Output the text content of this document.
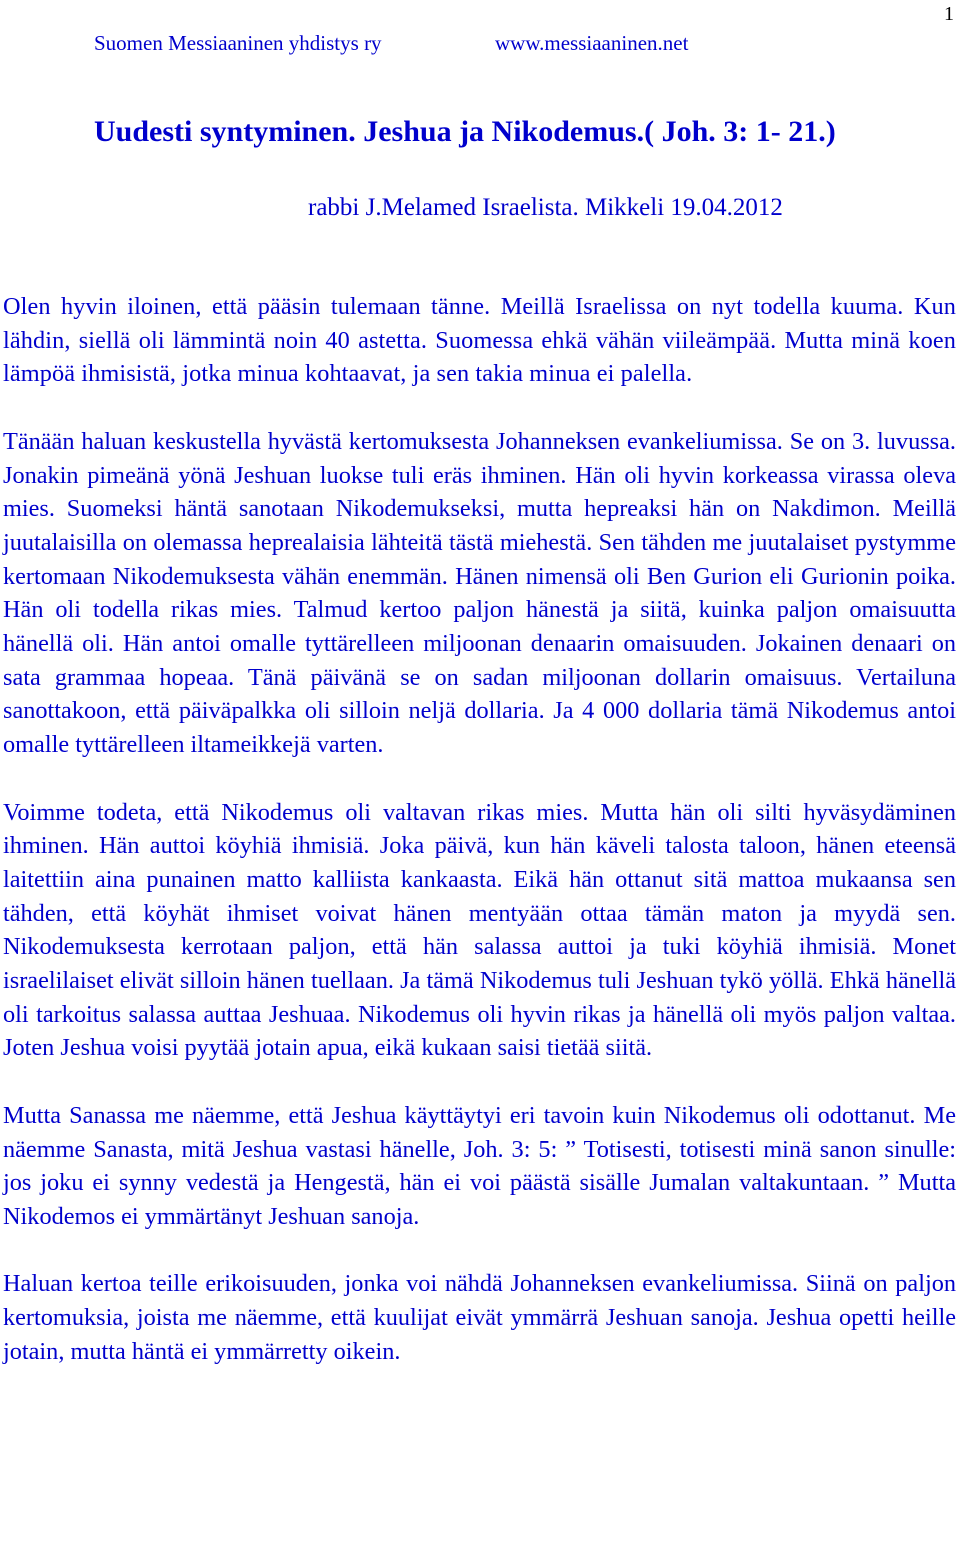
1
Suomen Messiaaninen yhdistys ry	www.messiaaninen.net
Uudesti syntyminen. Jeshua ja Nikodemus.( Joh. 3: 1- 21.)
rabbi J.Melamed Israelista. Mikkeli 19.04.2012

Olen hyvin iloinen, että pääsin tulemaan tänne. Meillä Israelissa on nyt todella kuuma. Kun lähdin, siellä oli lämmintä noin 40 astetta. Suomessa ehkä vähän viileämpää. Mutta minä koen lämpöä ihmisistä, jotka minua kohtaavat, ja sen takia minua ei palella.

Tänään haluan keskustella hyvästä kertomuksesta Johanneksen evankeliumissa. Se on 3. luvussa. Jonakin pimeänä yönä Jeshuan luokse tuli eräs ihminen. Hän oli hyvin korkeassa virassa oleva mies. Suomeksi häntä sanotaan Nikodemukseksi, mutta hepreaksi hän on Nakdimon. Meillä juutalaisilla on olemassa heprealaisia lähteitä tästä miehestä. Sen tähden me juutalaiset pystymme kertomaan Nikodemuksesta vähän enemmän. Hänen nimensä oli Ben Gurion eli Gurionin poika. Hän oli todella rikas mies. Talmud kertoo paljon hänestä ja siitä, kuinka paljon omaisuutta hänellä oli. Hän antoi omalle tyttärelleen miljoonan denaarin omaisuuden. Jokainen denaari on sata grammaa hopeaa. Tänä päivänä se on sadan miljoonan dollarin omaisuus. Vertailuna sanottakoon, että päiväpalkka oli silloin neljä dollaria. Ja 4 000 dollaria tämä Nikodemus antoi omalle tyttärelleen iltameikkejä varten.

Voimme todeta, että Nikodemus oli valtavan rikas mies. Mutta hän oli silti hyväsydäminen ihminen. Hän auttoi köyhiä ihmisiä. Joka päivä, kun hän käveli talosta taloon, hänen eteensä laitettiin aina punainen matto kalliista kankaasta. Eikä hän ottanut sitä mattoa mukaansa sen tähden, että köyhät ihmiset voivat hänen mentyään ottaa tämän maton ja myydä sen. Nikodemuksesta kerrotaan paljon, että hän salassa auttoi ja tuki köyhiä ihmisiä. Monet israelilaiset elivät silloin hänen tuellaan. Ja tämä Nikodemus tuli Jeshuan tykö yöllä. Ehkä hänellä oli tarkoitus salassa auttaa Jeshuaa. Nikodemus oli hyvin rikas ja hänellä oli myös paljon valtaa. Joten Jeshua voisi pyytää jotain apua, eikä kukaan saisi tietää siitä.

Mutta Sanassa me näemme, että Jeshua käyttäytyi eri tavoin kuin Nikodemus oli odottanut. Me näemme Sanasta, mitä Jeshua vastasi hänelle, Joh. 3: 5: ” Totisesti, totisesti minä sanon sinulle: jos joku ei synny vedestä ja Hengestä, hän ei voi päästä sisälle Jumalan valtakuntaan. ” Mutta Nikodemos ei ymmärtänyt Jeshuan sanoja.

Haluan kertoa teille erikoisuuden, jonka voi nähdä Johanneksen evankeliumissa. Siinä on paljon kertomuksia, joista me näemme, että kuulijat eivät ymmärrä Jeshuan sanoja. Jeshua opetti heille jotain, mutta häntä ei ymmärretty oikein.
